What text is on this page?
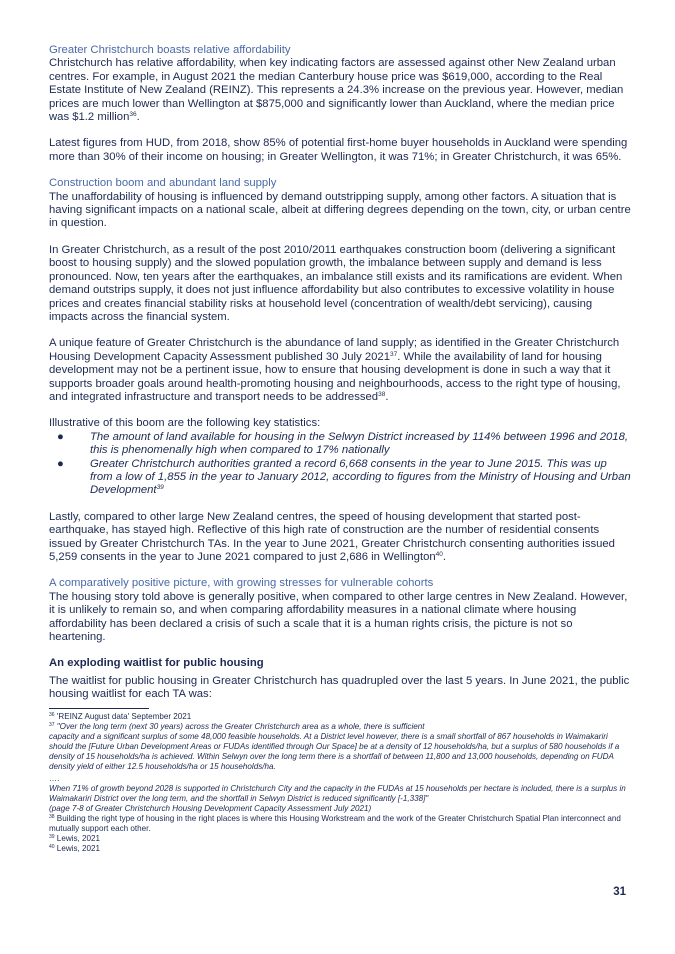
Greater Christchurch boasts relative affordability

Christchurch has relative affordability, when key indicating factors are assessed against other New Zealand urban centres. For example, in August 2021 the median Canterbury house price was $619,000, according to the Real Estate Institute of New Zealand (REINZ). This represents a 24.3% increase on the previous year. However, median prices are much lower than Wellington at $875,000 and significantly lower than Auckland, where the median price was $1.2 million$^{36}$.

Latest figures from HUD, from 2018, show 85% of potential first-home buyer households in Auckland were spending more than 30% of their income on housing; in Greater Wellington, it was 71%; in Greater Christchurch, it was 65%.

Construction boom and abundant land supply

The unaffordability of housing is influenced by demand outstripping supply, among other factors. A situation that is having significant impacts on a national scale, albeit at differing degrees depending on the town, city, or urban centre in question.

In Greater Christchurch, as a result of the post 2010/2011 earthquakes construction boom (delivering a significant boost to housing supply) and the slowed population growth, the imbalance between supply and demand is less pronounced. Now, ten years after the earthquakes, an imbalance still exists and its ramifications are evident. When demand outstrips supply, it does not just influence affordability but also contributes to excessive volatility in house prices and creates financial stability risks at household level (concentration of wealth/debt servicing), causing impacts across the financial system.

A unique feature of Greater Christchurch is the abundance of land supply; as identified in the Greater Christchurch Housing Development Capacity Assessment published 30 July 2021$^{37}$. While the availability of land for housing development may not be a pertinent issue, how to ensure that housing development is done in such a way that it supports broader goals around health-promoting housing and neighbourhoods, access to the right type of housing, and integrated infrastructure and transport needs to be addressed$^{38}$.

Illustrative of this boom are the following key statistics:

● The amount of land available for housing in the Selwyn District increased by 114% between 1996 and 2018, this is phenomenally high when compared to 17% nationally
● Greater Christchurch authorities granted a record 6,668 consents in the year to June 2015. This was up from a low of 1,855 in the year to January 2012, according to figures from the Ministry of Housing and Urban Development$^{39}$

Lastly, compared to other large New Zealand centres, the speed of housing development that started post-earthquake, has stayed high. Reflective of this high rate of construction are the number of residential consents issued by Greater Christchurch TAs. In the year to June 2021, Greater Christchurch consenting authorities issued 5,259 consents in the year to June 2021 compared to just 2,686 in Wellington$^{40}$.

A comparatively positive picture, with growing stresses for vulnerable cohorts

The housing story told above is generally positive, when compared to other large centres in New Zealand. However, it is unlikely to remain so, and when comparing affordability measures in a national climate where housing affordability has been declared a crisis of such a scale that it is a human rights crisis, the picture is not so heartening.

An exploding waitlist for public housing

The waitlist for public housing in Greater Christchurch has quadrupled over the last 5 years. In June 2021, the public housing waitlist for each TA was:

$^{36}$ 'REINZ August data' September 2021

$^{37}$ "Over the long term (next 30 years) across the Greater Christchurch area as a whole, there is sufficient

capacity and a significant surplus of some 48,000 feasible households. At a District level however, there is a small shortfall of 867 households in Waimakariri should the [Future Urban Development Areas or FUDAs identified through Our Space] be at a density of 12 households/ha, but a surplus of 580 households if a density of 15 households/ha is achieved. Within Selwyn over the long term there is a shortfall of between 11,800 and 13,000 households, depending on FUDA density yield of either 12.5 households/ha or 15 households/ha.

….

When 71% of growth beyond 2028 is supported in Christchurch City and the capacity in the FUDAs at 15 households per hectare is included, there is a surplus in Waimakariri District over the long term, and the shortfall in Selwyn District is reduced significantly [-1,338]"

(page 7-8 of Greater Christchurch Housing Development Capacity Assessment July 2021)

$^{38}$ Building the right type of housing in the right places is where this Housing Workstream and the work of the Greater Christchurch Spatial Plan interconnect and mutually support each other.

$^{39}$ Lewis, 2021

$^{40}$ Lewis, 2021

31
